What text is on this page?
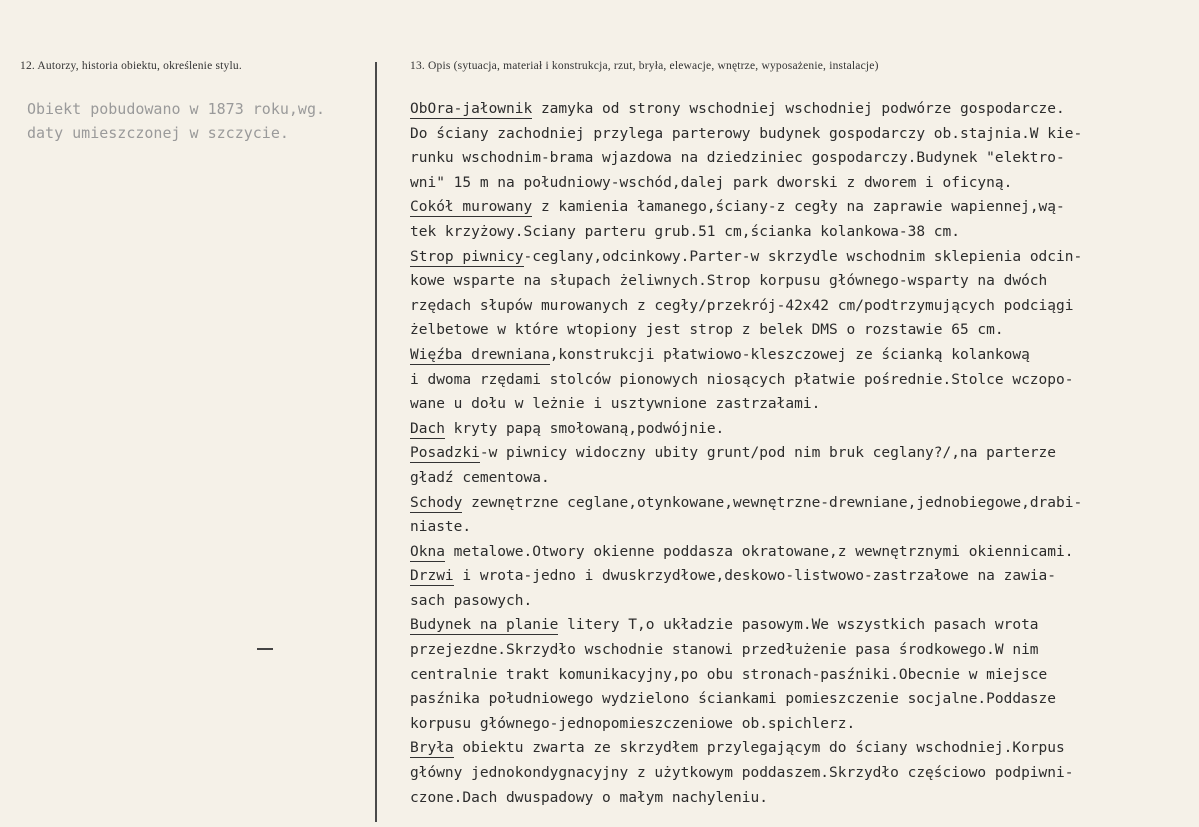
12. Autorzy, historia obiektu, określenie stylu.	13. Opis (sytuacja, materiał i konstrukcja, rzut, bryła, elewacje, wnętrze, wyposażenie, instalacje)
Obiekt pobudowano w 1873 roku,wg.
daty umieszczonej w szczycie.
ObOra-jałownik zamyka od strony wschodniej wschodniej podwórze gospodarcze.
Do ściany zachodniej przylega parterowy budynek gospodarczy ob.stajnia.W kie-
runku wschodnim-brama wjazdowa na dziedziniec gospodarczy.Budynek "elektro-
wni" 15 m na południowy-wschód,dalej park dworski z dworem i oficyną.
Cokół murowany z kamienia łamanego,ściany-z cegły na zaprawie wapiennej,wą-
tek krzyżowy.Sciany parteru grub.51 cm,ścianka kolankowa-38 cm.
Strop piwnicy-ceglany,odcinkowy.Parter-w skrzydle wschodnim sklepienia odcin-
kowe wsparte na słupach żeliwnych.Strop korpusu głównego-wsparty na dwóch
rzędach słupów murowanych z cegły/przekrój-42x42 cm/podtrzymujących podciągi
żelbetowe w które wtopiony jest strop z belek DMS o rozstawie 65 cm.
Więźba drewniana,konstrukcji płatwiowo-kleszczowej ze ścianką kolankową
i dwoma rzędami stolców pionowych niosących płatwie pośrednie.Stolce wczopo-
wane u dołu w leżnie i usztywnione zastrzałami.
Dach kryty papą smołowaną,podwójnie.
Posadzki-w piwnicy widoczny ubity grunt/pod nim bruk ceglany?/,na parterze
gładź cementowa.
Schody zewnętrzne ceglane,otynkowane,wewnętrzne-drewniane,jednobiegowe,drabi-
niaste.
Okna metalowe.Otwory okienne poddasza okratowane,z wewnętrznymi okiennicami.
Drzwi i wrota-jedno i dwuskrzydłowe,deskowo-listwowo-zastrzałowe na zawia-
sach pasowych.
Budynek na planie litery T,o układzie pasowym.We wszystkich pasach wrota
przejezdne.Skrzydło wschodnie stanowi przedłużenie pasa środkowego.W nim
centralnie trakt komunikacyjny,po obu stronach-pasźniki.Obecnie w miejsce
pasźnika południowego wydzielono ściankami pomieszczenie socjalne.Poddasze
korpusu głównego-jednopomieszczeniowe ob.spichlerz.
Bryła obiektu zwarta ze skrzydłem przylegającym do ściany wschodniej.Korpus
główny jednokondygnacyjny z użytkowym poddaszem.Skrzydło częściowo podpiwni-
czone.Dach dwuspadowy o małym nachyleniu.
